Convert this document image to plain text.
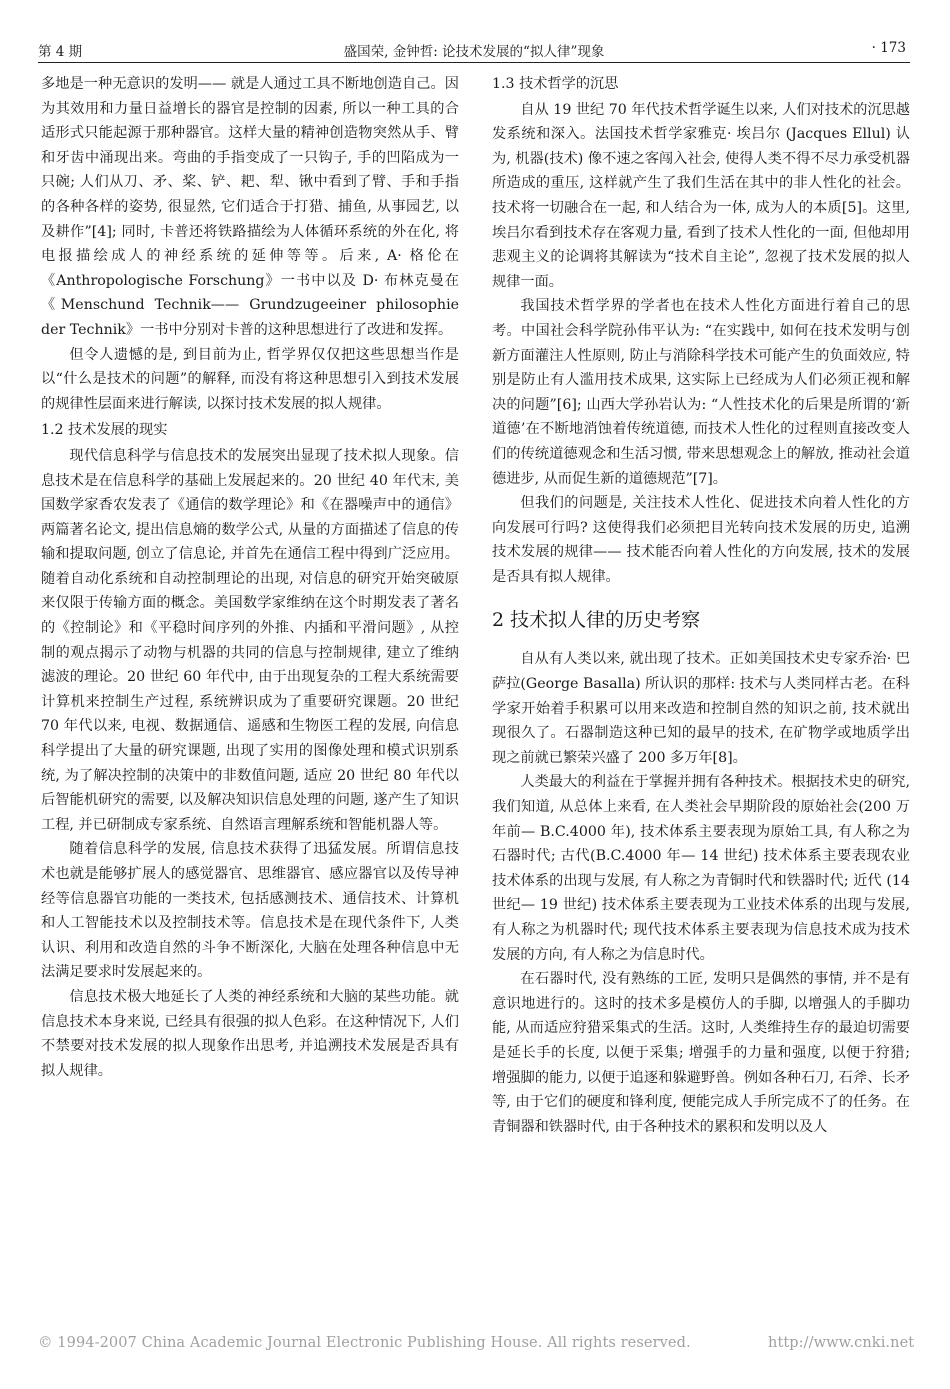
第 4 期	盛国荣, 金钟哲: 论技术发展的“拟人律”现象	· 173

多地是一种无意识的发明—— 就是人通过工具不断地创造自己。因为其效用和力量日益增长的器官是控制的因素, 所以一种工具的合适形式只能起源于那种器官。这样大量的精神创造物突然从手、臂和牙齿中涌现出来。弯曲的手指变成了一只钩子, 手的凹陷成为一只碗; 人们从刀、矛、桨、铲、耙、犁、锹中看到了臂、手和手指的各种各样的姿势, 很显然, 它们适合于打猎、捕鱼, 从事园艺, 以及耕作”[4]; 同时, 卡普还将铁路描绘为人体循环系统的外在化, 将电报描绘成人的神经系统的延伸等等。后来, A· 格伦在《Anthropologische Forschung》一书中以及 D· 布林克曼在《Menschund Technik—— Grundzugeeiner philosophie der Technik》一书中分别对卡普的这种思想进行了改进和发挥。

但令人遗憾的是, 到目前为止, 哲学界仅仅把这些思想当作是以“什么是技术的问题”的解释, 而没有将这种思想引入到技术发展的规律性层面来进行解读, 以探讨技术发展的拟人规律。

1.2 技术发展的现实

现代信息科学与信息技术的发展突出显现了技术拟人现象。信息技术是在信息科学的基础上发展起来的。20 世纪 40 年代末, 美国数学家香农发表了《通信的数学理论》和《在器噪声中的通信》两篇著名论文, 提出信息熵的数学公式, 从量的方面描述了信息的传输和提取问题, 创立了信息论, 并首先在通信工程中得到广泛应用。随着自动化系统和自动控制理论的出现, 对信息的研究开始突破原来仅限于传输方面的概念。美国数学家维纳在这个时期发表了著名的《控制论》和《平稳时间序列的外推、内插和平滑问题》, 从控制的观点揭示了动物与机器的共同的信息与控制规律, 建立了维纳滤波的理论。20 世纪 60 年代中, 由于出现复杂的工程大系统需要计算机来控制生产过程, 系统辨识成为了重要研究课题。20 世纪 70 年代以来, 电视、数据通信、遥感和生物医工程的发展, 向信息科学提出了大量的研究课题, 出现了实用的图像处理和模式识别系统, 为了解决控制的决策中的非数值问题, 适应 20 世纪 80 年代以后智能机研究的需要, 以及解决知识信息处理的问题, 遂产生了知识工程, 并已研制成专家系统、自然语言理解系统和智能机器人等。

随着信息科学的发展, 信息技术获得了迅猛发展。所谓信息技术也就是能够扩展人的感觉器官、思维器官、感应器官以及传导神经等信息器官功能的一类技术, 包括感测技术、通信技术、计算机和人工智能技术以及控制技术等。信息技术是在现代条件下, 人类认识、利用和改造自然的斗争不断深化, 大脑在处理各种信息中无法满足要求时发展起来的。

信息技术极大地延长了人类的神经系统和大脑的某些功能。就信息技术本身来说, 已经具有很强的拟人色彩。在这种情况下, 人们不禁要对技术发展的拟人现象作出思考, 并追溯技术发展是否具有拟人规律。

1.3 技术哲学的沉思

自从 19 世纪 70 年代技术哲学诞生以来, 人们对技术的沉思越发系统和深入。法国技术哲学家雅克· 埃吕尔 (Jacques Ellul) 认为, 机器(技术) 像不速之客闯入社会, 使得人类不得不尽力承受机器所造成的重压, 这样就产生了我们生活在其中的非人性化的社会。技术将一切融合在一起, 和人结合为一体, 成为人的本质[5]。这里, 埃吕尔看到技术存在客观力量, 看到了技术人性化的一面, 但他却用悲观主义的论调将其解读为“技术自主论”, 忽视了技术发展的拟人规律一面。

我国技术哲学界的学者也在技术人性化方面进行着自己的思考。中国社会科学院孙伟平认为: “在实践中, 如何在技术发明与创新方面灌注人性原则, 防止与消除科学技术可能产生的负面效应, 特别是防止有人滥用技术成果, 这实际上已经成为人们必须正视和解决的问题”[6]; 山西大学孙岩认为: “人性技术化的后果是所谓的‘新道德’在不断地消蚀着传统道德, 而技术人性化的过程则直接改变人们的传统道德观念和生活习惯, 带来思想观念上的解放, 推动社会道德进步, 从而促生新的道德规范”[7]。

但我们的问题是, 关注技术人性化、促进技术向着人性化的方向发展可行吗? 这使得我们必须把目光转向技术发展的历史, 追溯技术发展的规律—— 技术能否向着人性化的方向发展, 技术的发展是否具有拟人规律。

2 技术拟人律的历史考察

自从有人类以来, 就出现了技术。正如美国技术史专家乔治· 巴萨拉(George Basalla) 所认识的那样: 技术与人类同样古老。在科学家开始着手积累可以用来改造和控制自然的知识之前, 技术就出现很久了。石器制造这种已知的最早的技术, 在矿物学或地质学出现之前就已繁荣兴盛了 200 多万年[8]。

人类最大的利益在于掌握并拥有各种技术。根据技术史的研究, 我们知道, 从总体上来看, 在人类社会早期阶段的原始社会(200 万年前— B.C.4000 年), 技术体系主要表现为原始工具, 有人称之为石器时代; 古代(B.C.4000 年— 14 世纪) 技术体系主要表现农业技术体系的出现与发展, 有人称之为青铜时代和铁器时代; 近代 (14 世纪— 19 世纪) 技术体系主要表现为工业技术体系的出现与发展, 有人称之为机器时代; 现代技术体系主要表现为信息技术成为技术发展的方向, 有人称之为信息时代。

在石器时代, 没有熟练的工匠, 发明只是偶然的事情, 并不是有意识地进行的。这时的技术多是模仿人的手脚, 以增强人的手脚功能, 从而适应狩猎采集式的生活。这时, 人类维持生存的最迫切需要是延长手的长度, 以便于采集; 增强手的力量和强度, 以便于狩猎; 增强脚的能力, 以便于追逐和躲避野兽。例如各种石刀, 石斧、长矛等, 由于它们的硬度和锋利度, 便能完成人手所完成不了的任务。在青铜器和铁器时代, 由于各种技术的累积和发明以及人

© 1994-2007 China Academic Journal Electronic Publishing House. All rights reserved.	http://www.cnki.net
